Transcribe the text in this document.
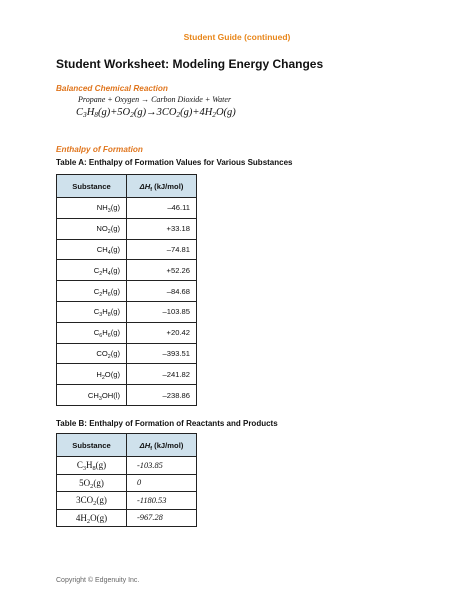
Student Guide (continued)
Student Worksheet: Modeling Energy Changes
Balanced Chemical Reaction
Propane + Oxygen → Carbon Dioxide + Water
$C_3H_8(g)+5O_2(g)\to 3CO_2(g)+4H_2O(g)$
Enthalpy of Formation
Table A: Enthalpy of Formation Values for Various Substances
Substance	$\Delta H_f$ (kJ/mol)
$NH_3(g)$	–46.11
$NO_2(g)$	+33.18
$CH_4(g)$	–74.81
$C_2H_4(g)$	+52.26
$C_2H_6(g)$	–84.68
$C_3H_8(g)$	–103.85
$C_6H_6(g)$	+20.42
$CO_2(g)$	–393.51
$H_2O(g)$	–241.82
$CH_3OH(l)$	–238.86
Table B: Enthalpy of Formation of Reactants and Products
Substance	$\Delta H_f$ (kJ/mol)
$C_3H_8(g)$	-103.85
$5O_2(g)$	0
$3CO_2(g)$	-1180.53
$4H_2O(g)$	-967.28
Copyright © Edgenuity Inc.
